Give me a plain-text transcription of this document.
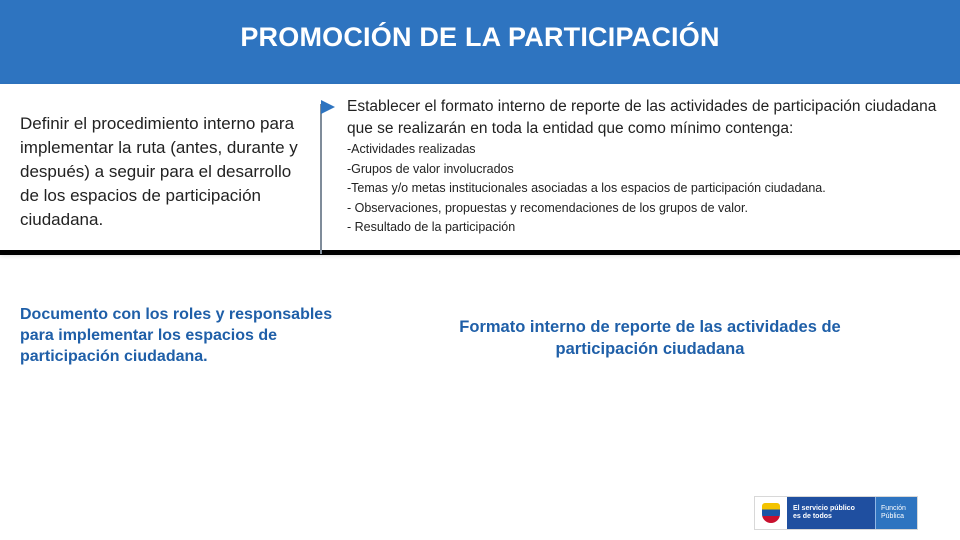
PROMOCIÓN DE LA PARTICIPACIÓN
Definir el procedimiento interno para implementar la ruta (antes, durante y después) a seguir para el desarrollo de los espacios de participación ciudadana.
Establecer el formato interno de reporte de las actividades de participación ciudadana que se realizarán en toda la entidad que como mínimo contenga:
-Actividades realizadas
-Grupos de valor involucrados
-Temas y/o metas institucionales asociadas a los espacios de participación ciudadana.
- Observaciones, propuestas y recomendaciones de los grupos de valor.
- Resultado de la participación
Documento con los roles y responsables para implementar los espacios de participación ciudadana.
Formato interno de reporte de las actividades de participación ciudadana
El servicio público
es de todos
Función
Pública
